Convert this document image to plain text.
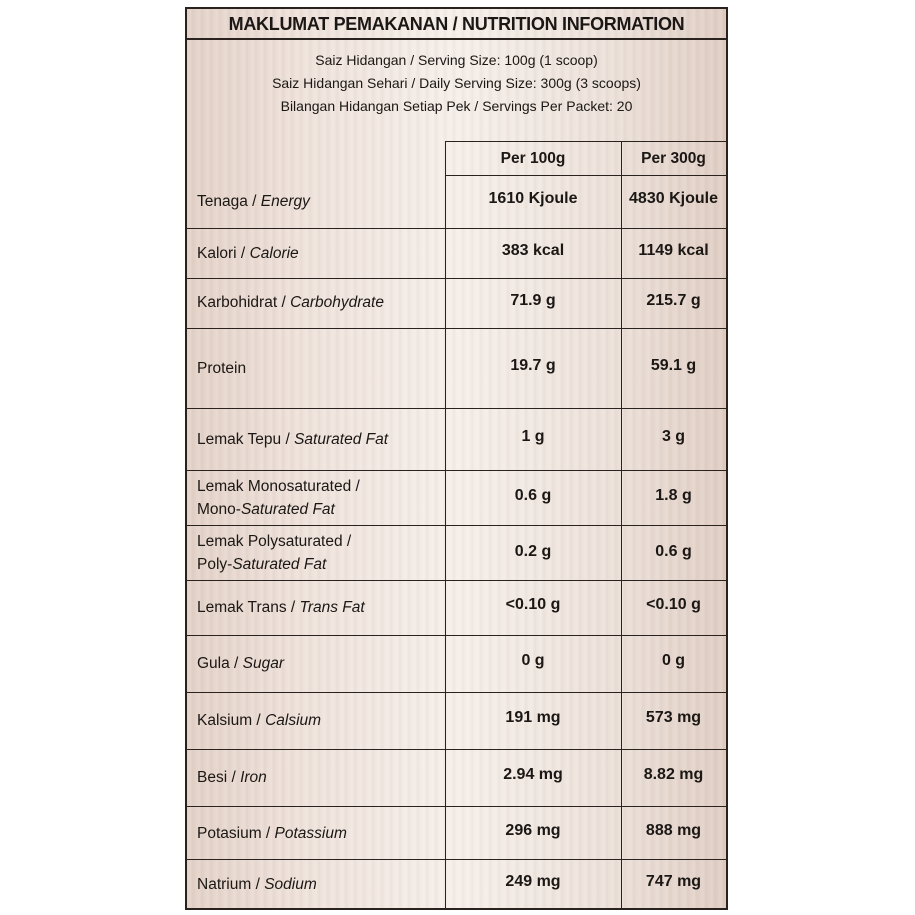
MAKLUMAT PEMAKANAN / NUTRITION INFORMATION
Saiz Hidangan / Serving Size: 100g (1 scoop)
Saiz Hidangan Sehari / Daily Serving Size: 300g (3 scoops)
Bilangan Hidangan Setiap Pek / Servings Per Packet: 20
Per 100g	Per 300g
Tenaga / Energy	1610 Kjoule	4830 Kjoule
Kalori / Calorie	383 kcal	1149 kcal
Karbohidrat / Carbohydrate	71.9 g	215.7 g
Protein	19.7 g	59.1 g
Lemak Tepu / Saturated Fat	1 g	3 g
Lemak Monosaturated /
Mono-Saturated Fat
0.6 g	1.8 g
Lemak Polysaturated /
Poly-Saturated Fat
0.2 g	0.6 g
Lemak Trans / Trans Fat	<0.10 g	<0.10 g
Gula / Sugar	0 g	0 g
Kalsium / Calsium	191 mg	573 mg
Besi / Iron	2.94 mg	8.82 mg
Potasium / Potassium	296 mg	888 mg
Natrium / Sodium	249 mg	747 mg
